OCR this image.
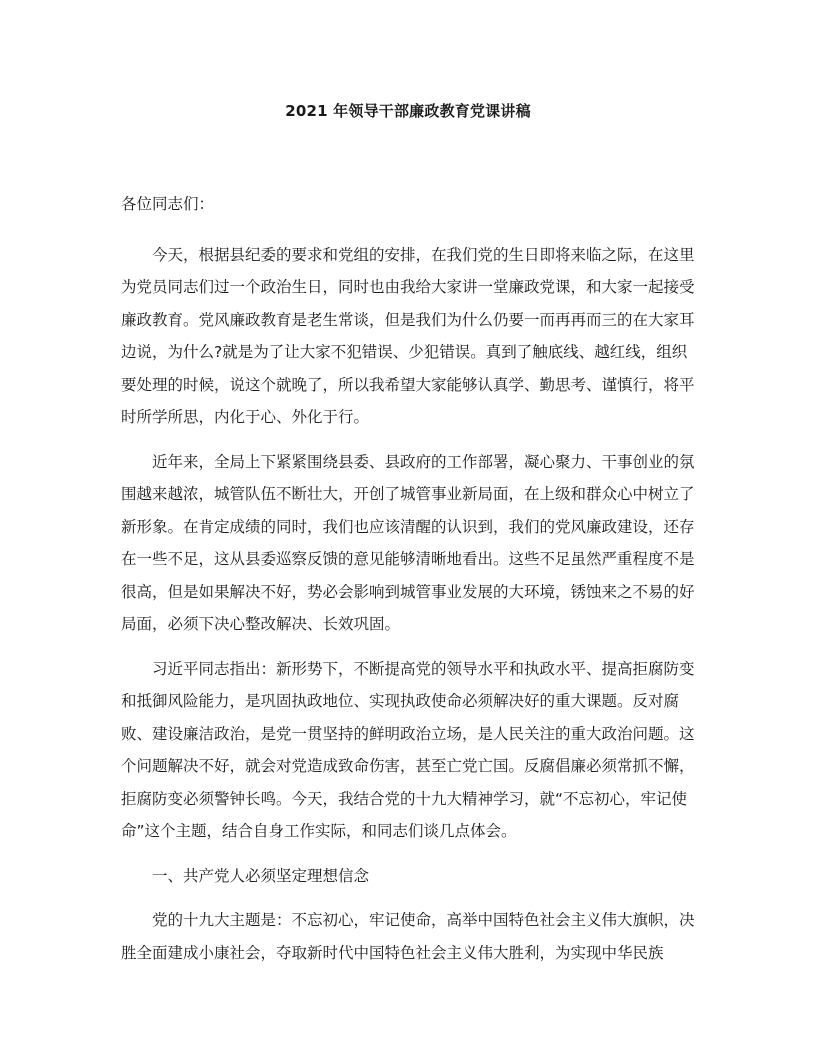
2021 年领导干部廉政教育党课讲稿

各位同志们：

今天，根据县纪委的要求和党组的安排，在我们党的生日即将来临之际，在这里为党员同志们过一个政治生日，同时也由我给大家讲一堂廉政党课，和大家一起接受廉政教育。党风廉政教育是老生常谈，但是我们为什么仍要一而再再而三的在大家耳边说，为什么?就是为了让大家不犯错误、少犯错误。真到了触底线、越红线，组织要处理的时候，说这个就晚了，所以我希望大家能够认真学、勤思考、谨慎行，将平时所学所思，内化于心、外化于行。

近年来，全局上下紧紧围绕县委、县政府的工作部署，凝心聚力、干事创业的氛围越来越浓，城管队伍不断壮大，开创了城管事业新局面，在上级和群众心中树立了新形象。在肯定成绩的同时，我们也应该清醒的认识到，我们的党风廉政建设，还存在一些不足，这从县委巡察反馈的意见能够清晰地看出。这些不足虽然严重程度不是很高，但是如果解决不好，势必会影响到城管事业发展的大环境，锈蚀来之不易的好局面，必须下决心整改解决、长效巩固。

习近平同志指出：新形势下，不断提高党的领导水平和执政水平、提高拒腐防变和抵御风险能力，是巩固执政地位、实现执政使命必须解决好的重大课题。反对腐败、建设廉洁政治，是党一贯坚持的鲜明政治立场，是人民关注的重大政治问题。这个问题解决不好，就会对党造成致命伤害，甚至亡党亡国。反腐倡廉必须常抓不懈，拒腐防变必须警钟长鸣。今天，我结合党的十九大精神学习，就“不忘初心，牢记使命”这个主题，结合自身工作实际，和同志们谈几点体会。

一、共产党人必须坚定理想信念

党的十九大主题是：不忘初心，牢记使命，高举中国特色社会主义伟大旗帜，决胜全面建成小康社会，夺取新时代中国特色社会主义伟大胜利，为实现中华民族
